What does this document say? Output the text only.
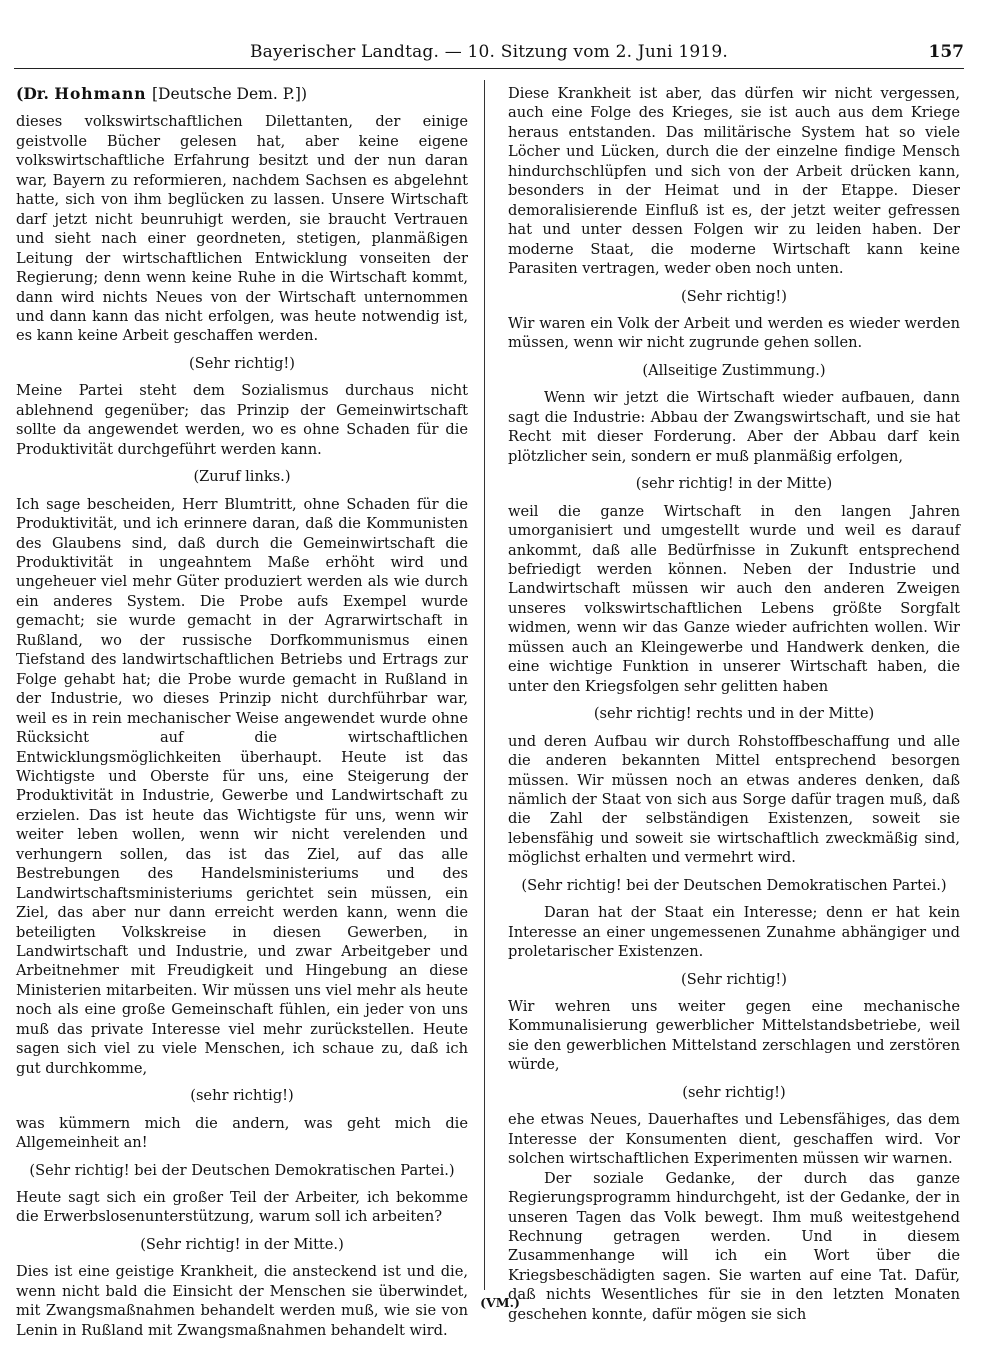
Bayerischer Landtag. — 10. Sitzung vom 2. Juni 1919.	157
(Dr. Hohmann [Deutsche Dem. P.])

dieses volkswirtschaftlichen Dilettanten, der einige geistvolle Bücher gelesen hat, aber keine eigene volkswirtschaftliche Erfahrung besitzt und der nun daran war, Bayern zu reformieren, nachdem Sachsen es abgelehnt hatte, sich von ihm beglücken zu lassen. Unsere Wirtschaft darf jetzt nicht beunruhigt werden, sie braucht Vertrauen und sieht nach einer geordneten, stetigen, planmäßigen Leitung der wirtschaftlichen Entwicklung vonseiten der Regierung; denn wenn keine Ruhe in die Wirtschaft kommt, dann wird nichts Neues von der Wirtschaft unternommen und dann kann das nicht erfolgen, was heute notwendig ist, es kann keine Arbeit geschaffen werden.

(Sehr richtig!)

Meine Partei steht dem Sozialismus durchaus nicht ablehnend gegenüber; das Prinzip der Gemeinwirtschaft sollte da angewendet werden, wo es ohne Schaden für die Produktivität durchgeführt werden kann.

(Zuruf links.)

Ich sage bescheiden, Herr Blumtritt, ohne Schaden für die Produktivität, und ich erinnere daran, daß die Kommunisten des Glaubens sind, daß durch die Gemeinwirtschaft die Produktivität in ungeahntem Maße erhöht wird und ungeheuer viel mehr Güter produziert werden als wie durch ein anderes System. Die Probe aufs Exempel wurde gemacht; sie wurde gemacht in der Agrarwirtschaft in Rußland, wo der russische Dorfkommunismus einen Tiefstand des landwirtschaftlichen Betriebs und Ertrags zur Folge gehabt hat; die Probe wurde gemacht in Rußland in der Industrie, wo dieses Prinzip nicht durchführbar war, weil es in rein mechanischer Weise angewendet wurde ohne Rücksicht auf die wirtschaftlichen Entwicklungsmöglichkeiten überhaupt. Heute ist das Wichtigste und Oberste für uns, eine Steigerung der Produktivität in Industrie, Gewerbe und Landwirtschaft zu erzielen. Das ist heute das Wichtigste für uns, wenn wir weiter leben wollen, wenn wir nicht verelenden und verhungern sollen, das ist das Ziel, auf das alle Bestrebungen des Handelsministeriums und des Landwirtschaftsministeriums gerichtet sein müssen, ein Ziel, das aber nur dann erreicht werden kann, wenn die beteiligten Volkskreise in diesen Gewerben, in Landwirtschaft und Industrie, und zwar Arbeitgeber und Arbeitnehmer mit Freudigkeit und Hingebung an diese Ministerien mitarbeiten. Wir müssen uns viel mehr als heute noch als eine große Gemeinschaft fühlen, ein jeder von uns muß das private Interesse viel mehr zurückstellen. Heute sagen sich viel zu viele Menschen, ich schaue zu, daß ich gut durchkomme,

(sehr richtig!)

was kümmern mich die andern, was geht mich die Allgemeinheit an!

(Sehr richtig! bei der Deutschen Demokratischen Partei.)

Heute sagt sich ein großer Teil der Arbeiter, ich bekomme die Erwerbslosenunterstützung, warum soll ich arbeiten?

(Sehr richtig! in der Mitte.)

Dies ist eine geistige Krankheit, die ansteckend ist und die, wenn nicht bald die Einsicht der Menschen sie überwindet, mit Zwangsmaßnahmen behandelt werden muß, wie sie von Lenin in Rußland mit Zwangsmaßnahmen behandelt wird.

Diese Krankheit ist aber, das dürfen wir nicht vergessen, auch eine Folge des Krieges, sie ist auch aus dem Kriege heraus entstanden. Das militärische System hat so viele Löcher und Lücken, durch die der einzelne findige Mensch hindurchschlüpfen und sich von der Arbeit drücken kann, besonders in der Heimat und in der Etappe. Dieser demoralisierende Einfluß ist es, der jetzt weiter gefressen hat und unter dessen Folgen wir zu leiden haben. Der moderne Staat, die moderne Wirtschaft kann keine Parasiten vertragen, weder oben noch unten.

(Sehr richtig!)

Wir waren ein Volk der Arbeit und werden es wieder werden müssen, wenn wir nicht zugrunde gehen sollen.

(Allseitige Zustimmung.)

Wenn wir jetzt die Wirtschaft wieder aufbauen, dann sagt die Industrie: Abbau der Zwangswirtschaft, und sie hat Recht mit dieser Forderung. Aber der Abbau darf kein plötzlicher sein, sondern er muß planmäßig erfolgen,

(sehr richtig! in der Mitte)

weil die ganze Wirtschaft in den langen Jahren umorganisiert und umgestellt wurde und weil es darauf ankommt, daß alle Bedürfnisse in Zukunft entsprechend befriedigt werden können. Neben der Industrie und Landwirtschaft müssen wir auch den anderen Zweigen unseres volkswirtschaftlichen Lebens größte Sorgfalt widmen, wenn wir das Ganze wieder aufrichten wollen. Wir müssen auch an Kleingewerbe und Handwerk denken, die eine wichtige Funktion in unserer Wirtschaft haben, die unter den Kriegsfolgen sehr gelitten haben

(sehr richtig! rechts und in der Mitte)

und deren Aufbau wir durch Rohstoffbeschaffung und alle die anderen bekannten Mittel entsprechend besorgen müssen. Wir müssen noch an etwas anderes denken, daß nämlich der Staat von sich aus Sorge dafür tragen muß, daß die Zahl der selbständigen Existenzen, soweit sie lebensfähig und soweit sie wirtschaftlich zweckmäßig sind, möglichst erhalten und vermehrt wird.

(Sehr richtig! bei der Deutschen Demokratischen Partei.)

Daran hat der Staat ein Interesse; denn er hat kein Interesse an einer ungemessenen Zunahme abhängiger und proletarischer Existenzen.

(Sehr richtig!)

Wir wehren uns weiter gegen eine mechanische Kommunalisierung gewerblicher Mittelstandsbetriebe, weil sie den gewerblichen Mittelstand zerschlagen und zerstören würde,

(sehr richtig!)

ehe etwas Neues, Dauerhaftes und Lebensfähiges, das dem Interesse der Konsumenten dient, geschaffen wird. Vor solchen wirtschaftlichen Experimenten müssen wir warnen.

Der soziale Gedanke, der durch das ganze Regierungsprogramm hindurchgeht, ist der Gedanke, der in unseren Tagen das Volk bewegt. Ihm muß weitestgehend Rechnung getragen werden. Und in diesem Zusammenhange will ich ein Wort über die Kriegsbeschädigten sagen. Sie warten auf eine Tat. Dafür, daß nichts Wesentliches für sie in den letzten Monaten geschehen konnte, dafür mögen sie sich

(VM.)
